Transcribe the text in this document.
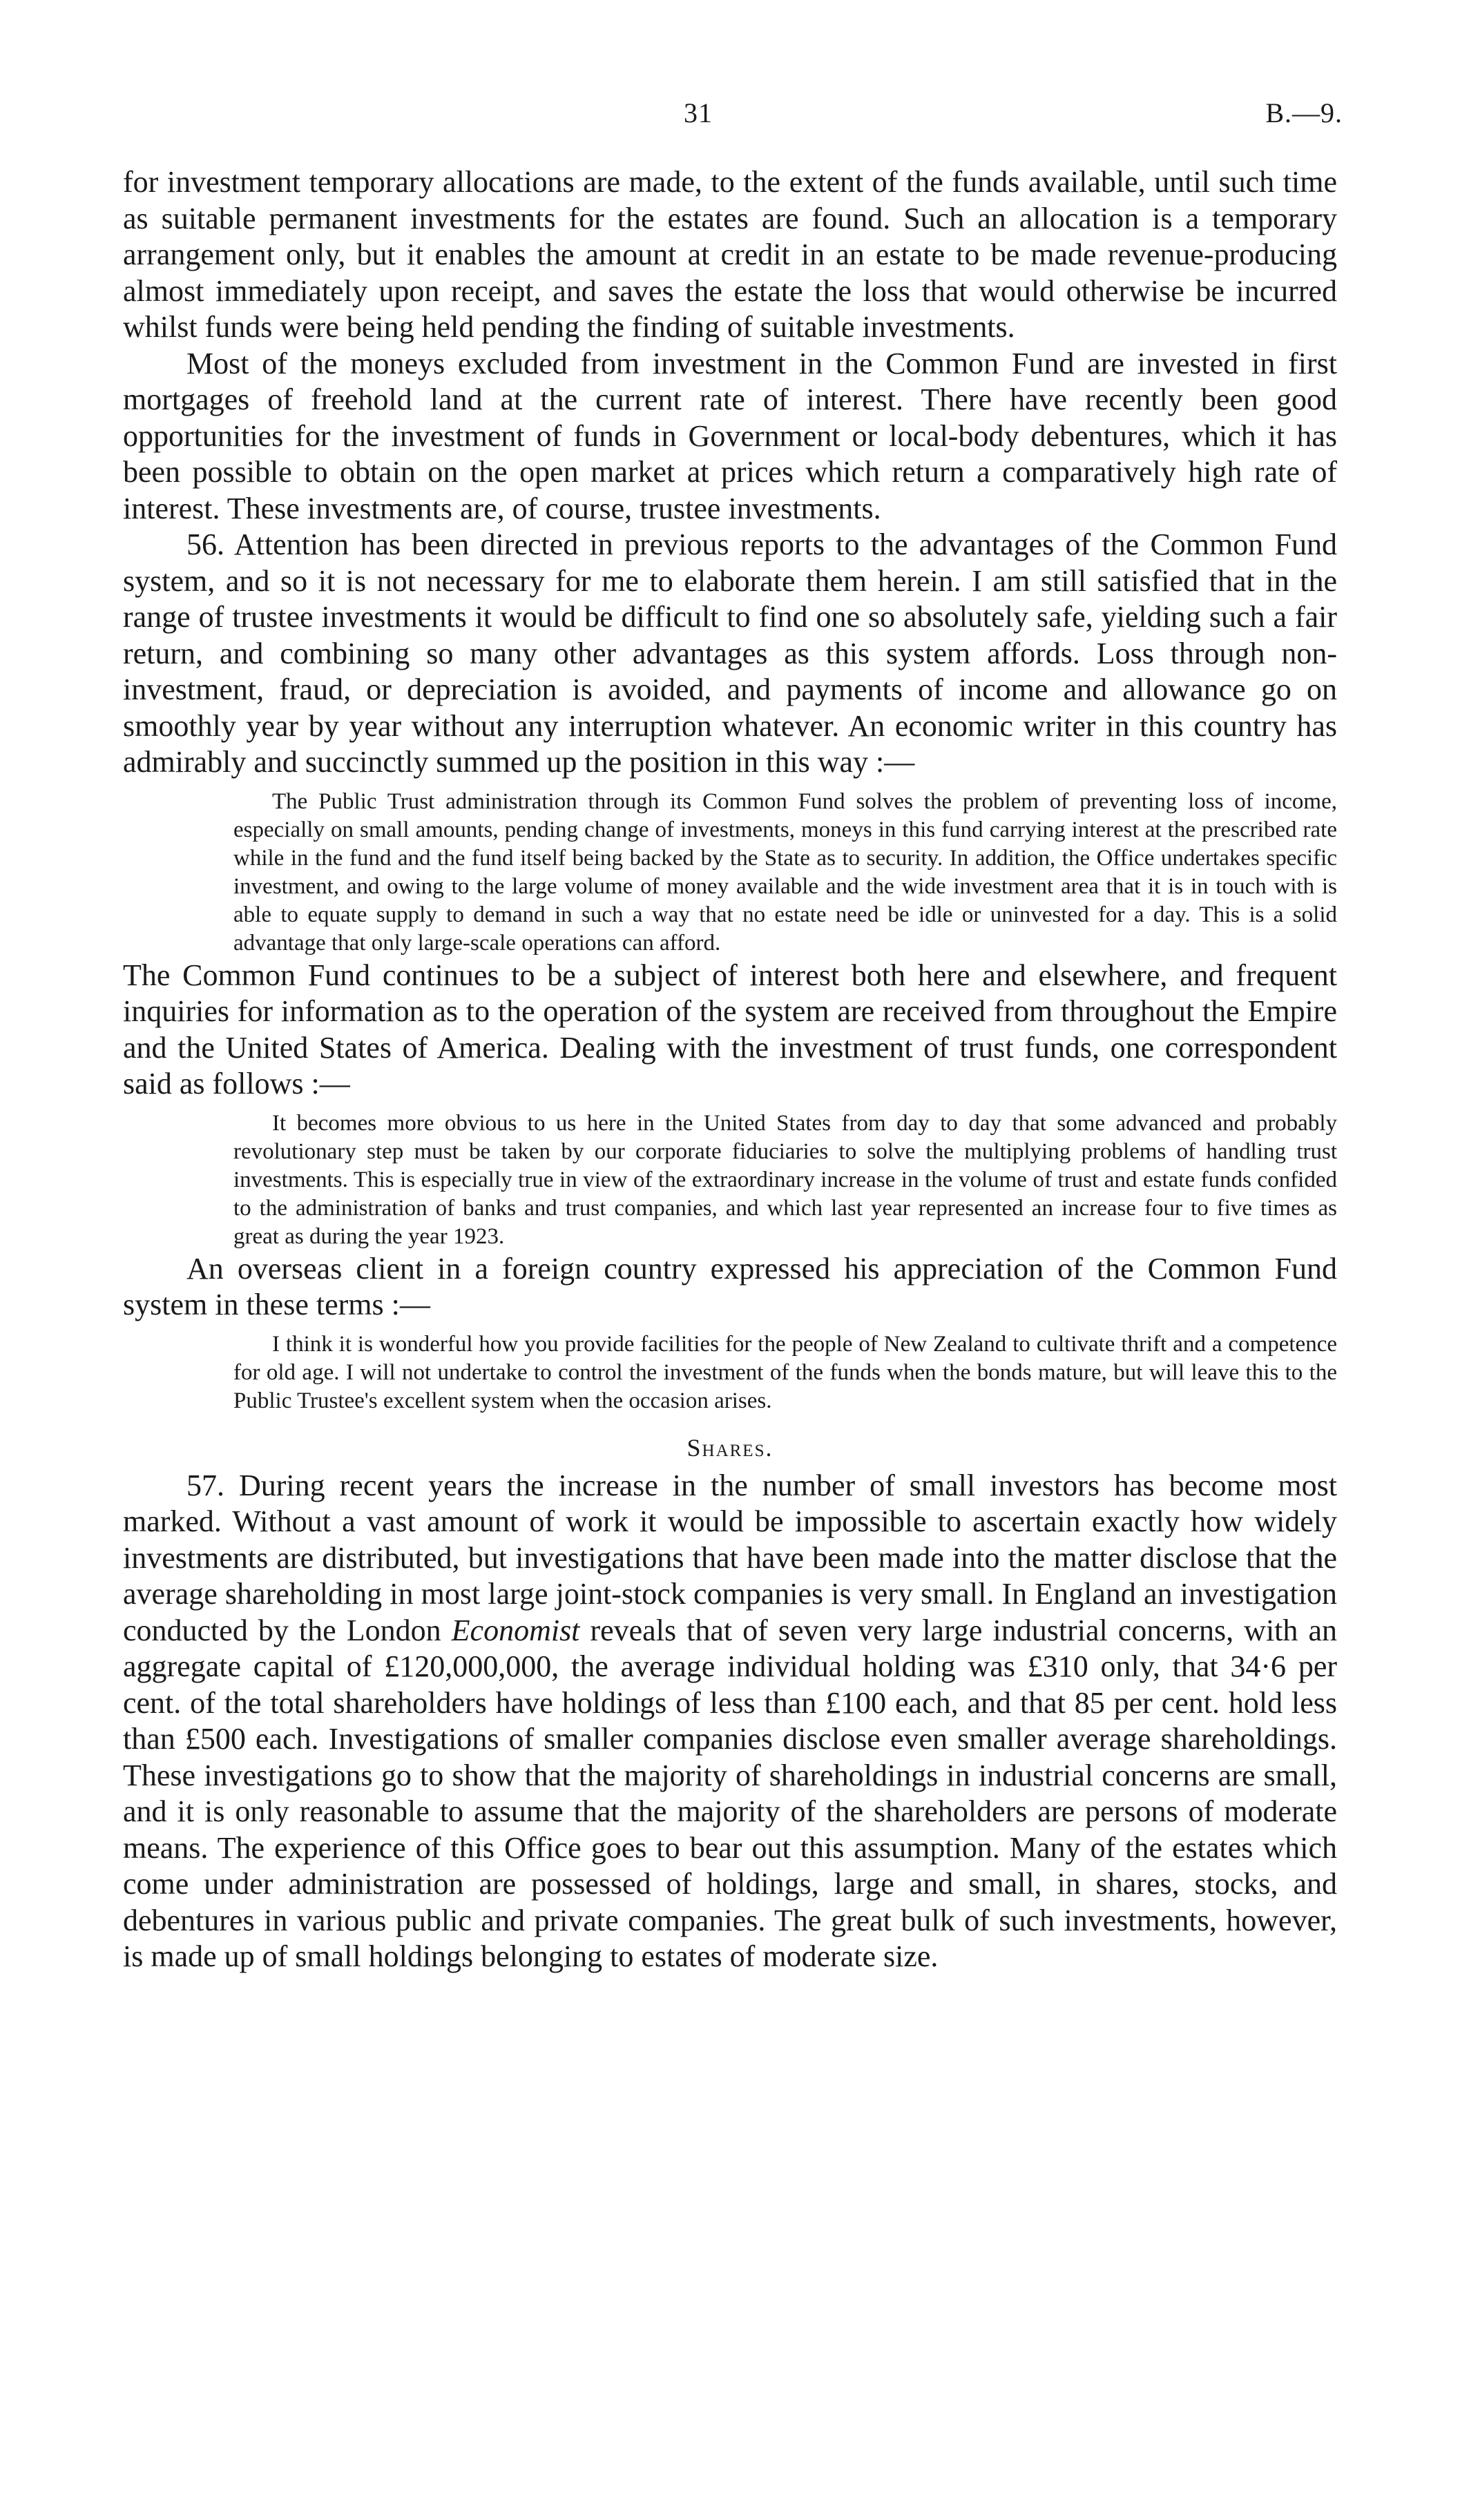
31	B.—9.

for investment temporary allocations are made, to the extent of the funds available, until such time as suitable permanent investments for the estates are found. Such an allocation is a temporary arrangement only, but it enables the amount at credit in an estate to be made revenue-producing almost immediately upon receipt, and saves the estate the loss that would otherwise be incurred whilst funds were being held pending the finding of suitable investments.

Most of the moneys excluded from investment in the Common Fund are invested in first mortgages of freehold land at the current rate of interest. There have recently been good opportunities for the investment of funds in Government or local-body debentures, which it has been possible to obtain on the open market at prices which return a comparatively high rate of interest. These investments are, of course, trustee investments.

56. Attention has been directed in previous reports to the advantages of the Common Fund system, and so it is not necessary for me to elaborate them herein. I am still satisfied that in the range of trustee investments it would be difficult to find one so absolutely safe, yielding such a fair return, and combining so many other advantages as this system affords. Loss through non-investment, fraud, or depreciation is avoided, and payments of income and allowance go on smoothly year by year without any interruption whatever. An economic writer in this country has admirably and succinctly summed up the position in this way :—

The Public Trust administration through its Common Fund solves the problem of preventing loss of income, especially on small amounts, pending change of investments, moneys in this fund carrying interest at the prescribed rate while in the fund and the fund itself being backed by the State as to security. In addition, the Office undertakes specific investment, and owing to the large volume of money available and the wide investment area that it is in touch with is able to equate supply to demand in such a way that no estate need be idle or uninvested for a day. This is a solid advantage that only large-scale operations can afford.

The Common Fund continues to be a subject of interest both here and elsewhere, and frequent inquiries for information as to the operation of the system are received from throughout the Empire and the United States of America. Dealing with the investment of trust funds, one correspondent said as follows :—

It becomes more obvious to us here in the United States from day to day that some advanced and probably revolutionary step must be taken by our corporate fiduciaries to solve the multiplying problems of handling trust investments. This is especially true in view of the extraordinary increase in the volume of trust and estate funds confided to the administration of banks and trust companies, and which last year represented an increase four to five times as great as during the year 1923.

An overseas client in a foreign country expressed his appreciation of the Common Fund system in these terms :—

I think it is wonderful how you provide facilities for the people of New Zealand to cultivate thrift and a competence for old age. I will not undertake to control the investment of the funds when the bonds mature, but will leave this to the Public Trustee's excellent system when the occasion arises.
Shares.

57. During recent years the increase in the number of small investors has become most marked. Without a vast amount of work it would be impossible to ascertain exactly how widely investments are distributed, but investigations that have been made into the matter disclose that the average shareholding in most large joint-stock companies is very small. In England an investigation conducted by the London Economist reveals that of seven very large industrial concerns, with an aggregate capital of £120,000,000, the average individual holding was £310 only, that 34·6 per cent. of the total shareholders have holdings of less than £100 each, and that 85 per cent. hold less than £500 each. Investigations of smaller companies disclose even smaller average shareholdings. These investigations go to show that the majority of shareholdings in industrial concerns are small, and it is only reasonable to assume that the majority of the shareholders are persons of moderate means. The experience of this Office goes to bear out this assumption. Many of the estates which come under administration are possessed of holdings, large and small, in shares, stocks, and debentures in various public and private companies. The great bulk of such investments, however, is made up of small holdings belonging to estates of moderate size.
